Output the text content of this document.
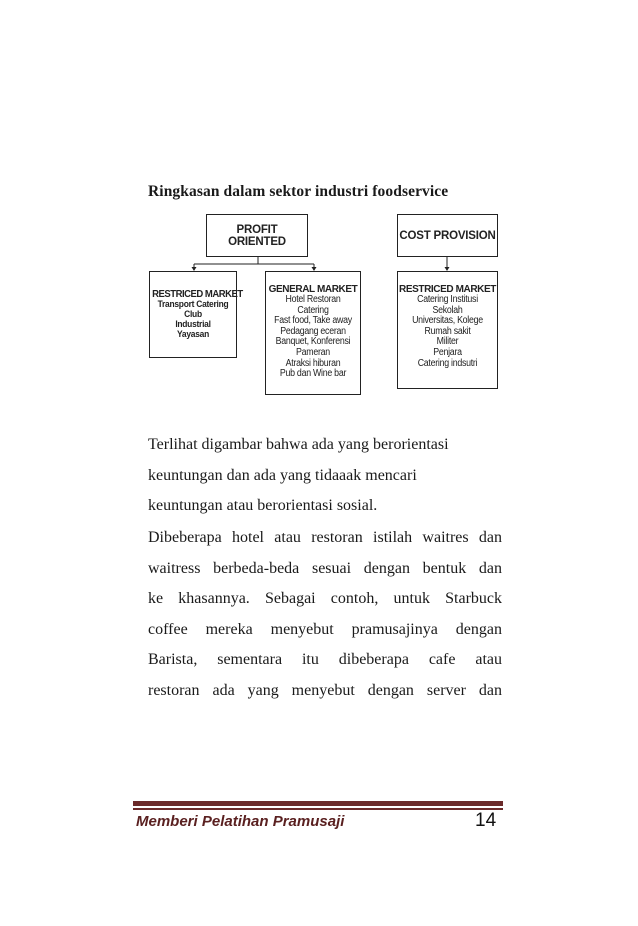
Ringkasan dalam sektor industri foodservice
PROFIT ORIENTED	COST PROVISION
RESTRICED MARKET
Transport Catering
Club
Industrial
Yayasan
GENERAL MARKET
Hotel Restoran
Catering
Fast food, Take away
Pedagang eceran
Banquet, Konferensi
Pameran
Atraksi hiburan
Pub dan Wine bar
RESTRICED MARKET
Catering Institusi
Sekolah
Universitas, Kolege
Rumah sakit
Militer
Penjara
Catering indsutri

Terlihat digambar bahwa ada yang berorientasi

keuntungan dan ada yang tidaaak mencari

keuntungan atau berorientasi sosial.

Dibeberapa hotel atau restoran istilah waitres dan

waitress berbeda-beda sesuai dengan bentuk dan

ke khasannya. Sebagai contoh, untuk Starbuck

coffee mereka menyebut pramusajinya dengan

Barista, sementara itu dibeberapa cafe atau

restoran ada yang menyebut dengan server dan

Memberi Pelatihan Pramusaji	14
